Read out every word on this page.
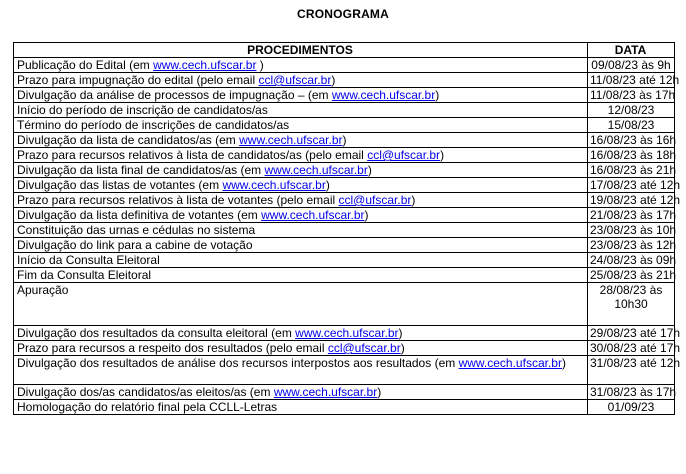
CRONOGRAMA
PROCEDIMENTOS	DATA
Publicação do Edital (em www.cech.ufscar.br )	09/08/23 às 9h
Prazo para impugnação do edital (pelo email ccl@ufscar.br)	11/08/23 até 12h
Divulgação da análise de processos de impugnação – (em www.cech.ufscar.br)	11/08/23 às 17h
Início do período de inscrição de candidatos/as	12/08/23
Término do período de inscrições de candidatos/as	15/08/23
Divulgação da lista de candidatos/as (em www.cech.ufscar.br)	16/08/23 às 16h
Prazo para recursos relativos à lista de candidatos/as (pelo email ccl@ufscar.br)	16/08/23 às 18h
Divulgação da lista final de candidatos/as (em www.cech.ufscar.br)	16/08/23 às 21h
Divulgação das listas de votantes (em www.cech.ufscar.br)	17/08/23 até 12h
Prazo para recursos relativos à lista de votantes (pelo email ccl@ufscar.br)	19/08/23 até 12h
Divulgação da lista definitiva de votantes (em www.cech.ufscar.br)	21/08/23 às 17h
Constituição das urnas e cédulas no sistema	23/08/23 às 10h
Divulgação do link para a cabine de votação	23/08/23 às 12h
Início da Consulta Eleitoral	24/08/23 às 09h
Fim da Consulta Eleitoral	25/08/23 às 21h
Apuração	28/08/23 às 10h30
Divulgação dos resultados da consulta eleitoral (em www.cech.ufscar.br)	29/08/23 até 17h
Prazo para recursos a respeito dos resultados (pelo email ccl@ufscar.br)	30/08/23 até 17h
Divulgação dos resultados de análise dos recursos interpostos aos resultados (em www.cech.ufscar.br)	31/08/23 até 12h
Divulgação dos/as candidatos/as eleitos/as (em www.cech.ufscar.br)	31/08/23 às 17h
Homologação do relatório final pela CCLL-Letras	01/09/23
